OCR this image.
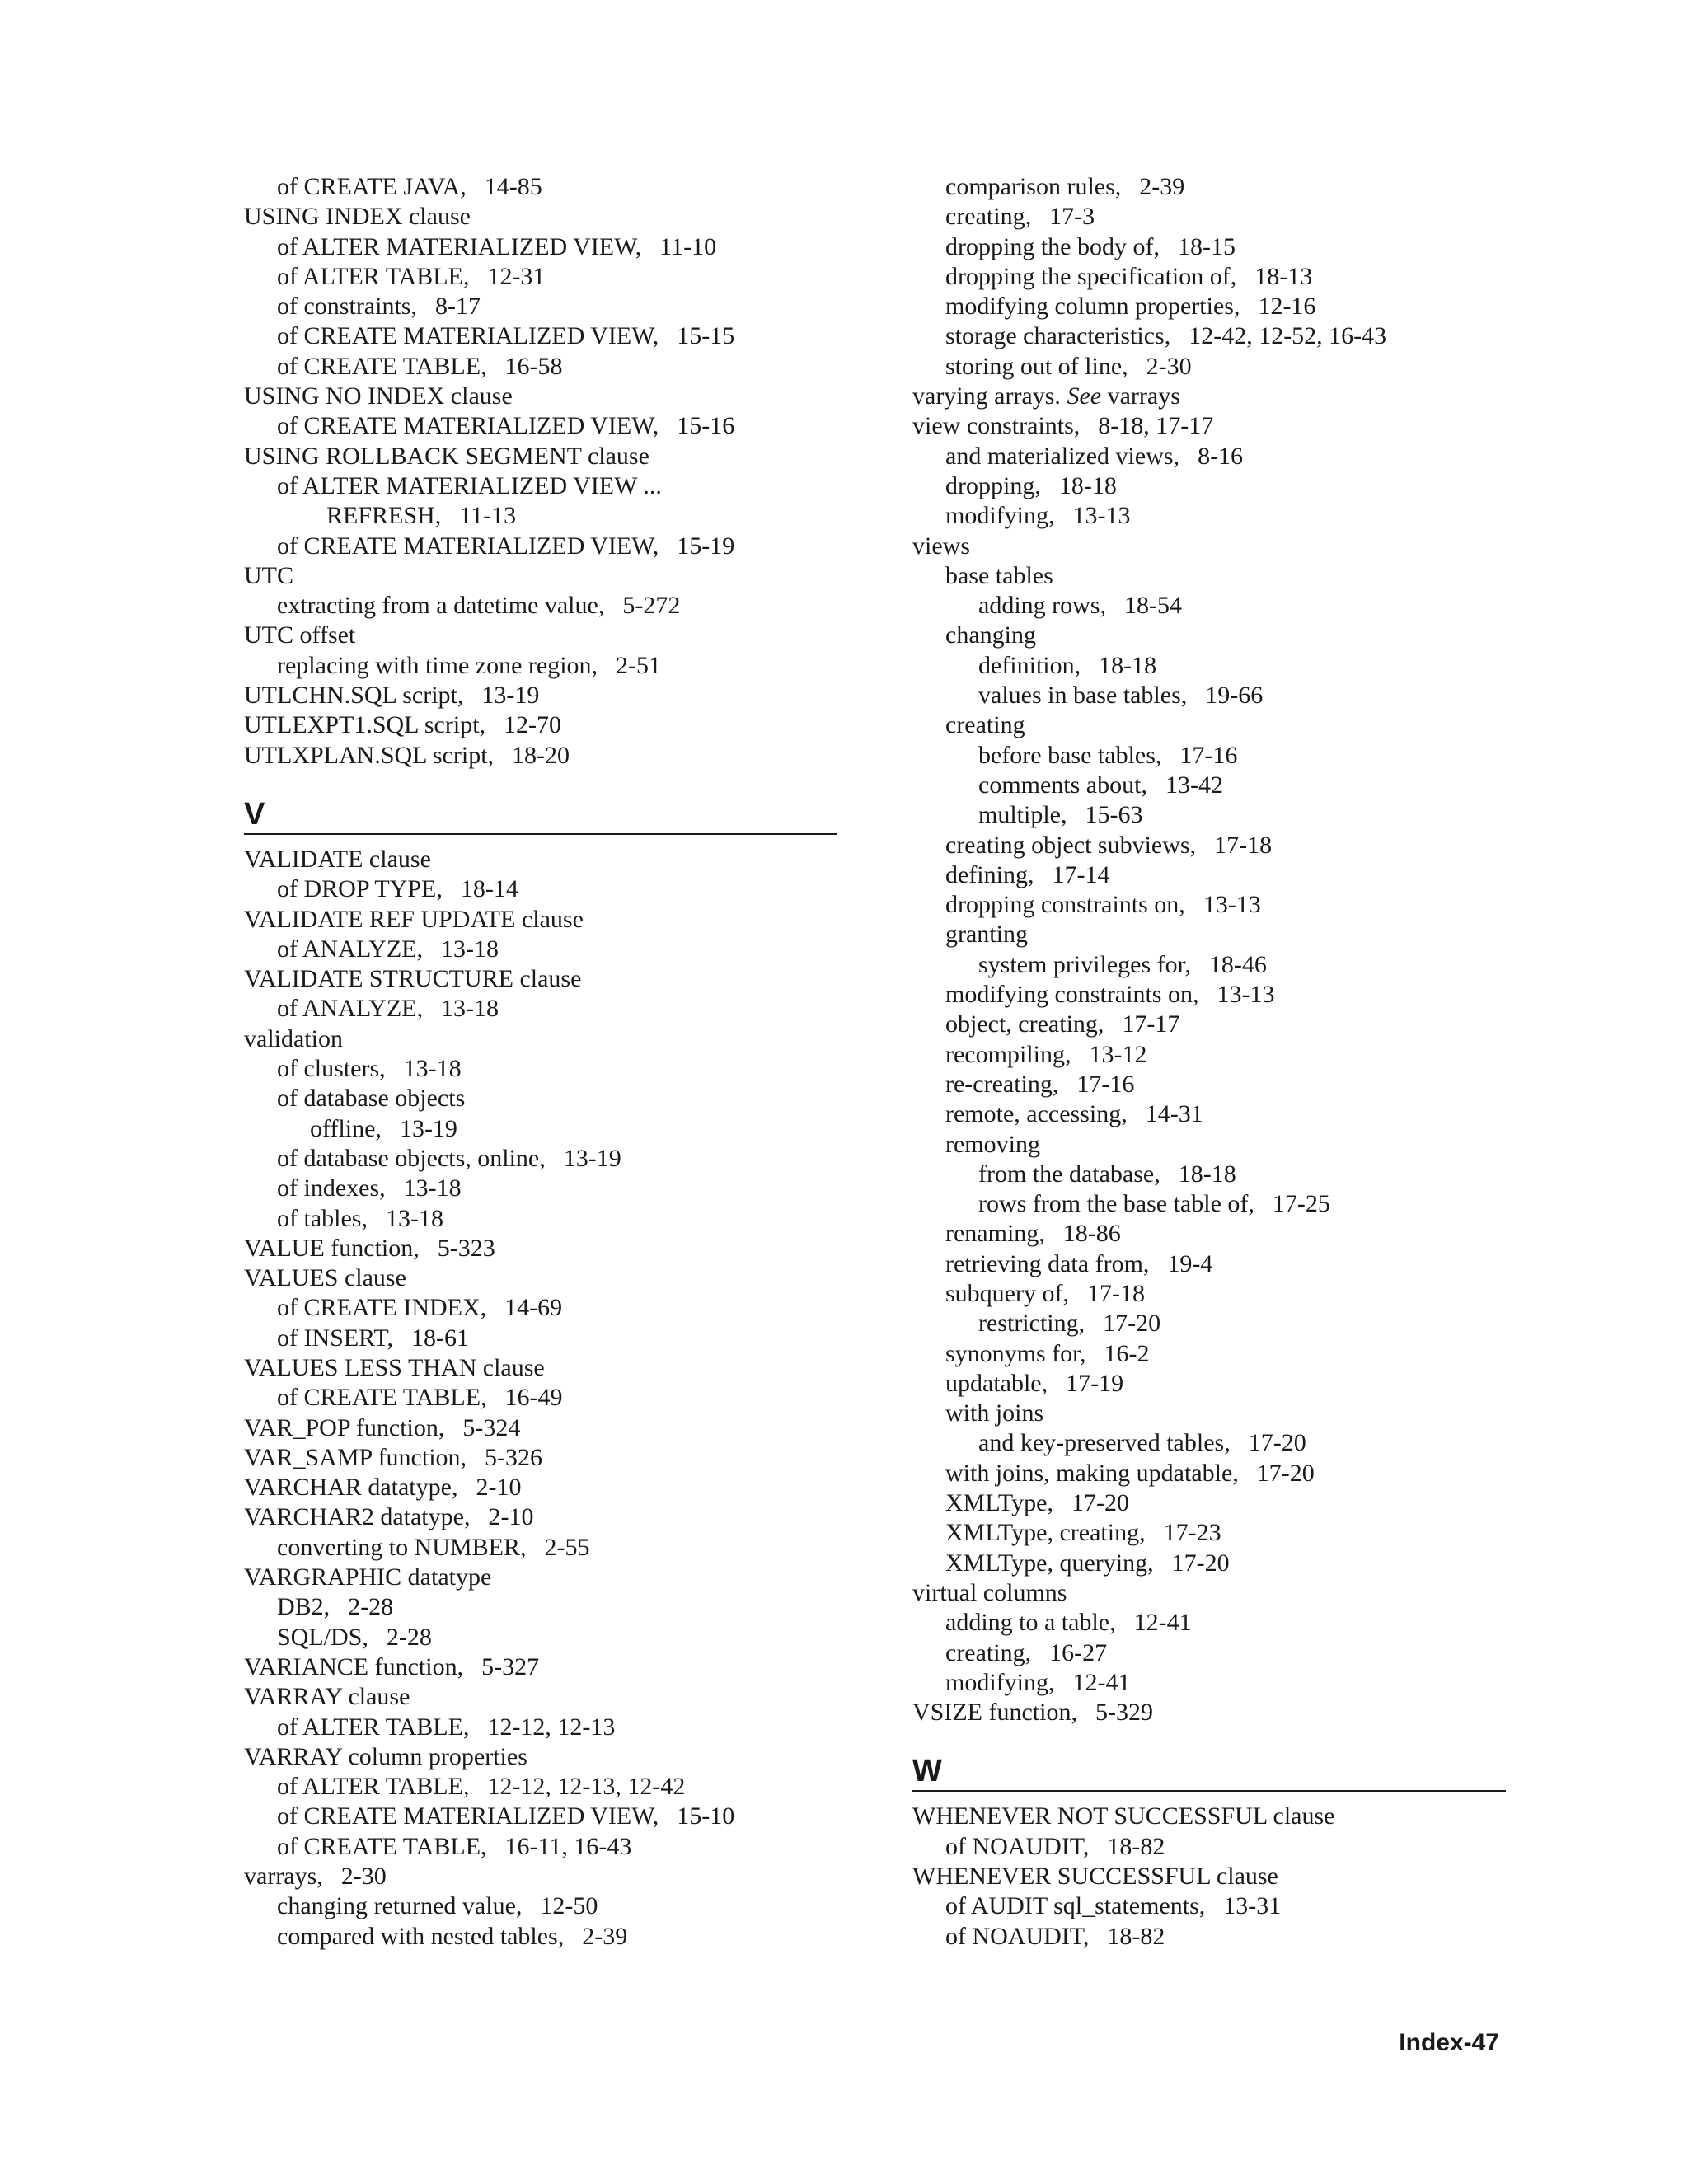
of CREATE JAVA, 14-85
USING INDEX clause
of ALTER MATERIALIZED VIEW, 11-10
of ALTER TABLE, 12-31
of constraints, 8-17
of CREATE MATERIALIZED VIEW, 15-15
of CREATE TABLE, 16-58
USING NO INDEX clause
of CREATE MATERIALIZED VIEW, 15-16
USING ROLLBACK SEGMENT clause
of ALTER MATERIALIZED VIEW ...
REFRESH, 11-13
of CREATE MATERIALIZED VIEW, 15-19
UTC
extracting from a datetime value, 5-272
UTC offset
replacing with time zone region, 2-51
UTLCHN.SQL script, 13-19
UTLEXPT1.SQL script, 12-70
UTLXPLAN.SQL script, 18-20
V
VALIDATE clause
of DROP TYPE, 18-14
VALIDATE REF UPDATE clause
of ANALYZE, 13-18
VALIDATE STRUCTURE clause
of ANALYZE, 13-18
validation
of clusters, 13-18
of database objects
offline, 13-19
of database objects, online, 13-19
of indexes, 13-18
of tables, 13-18
VALUE function, 5-323
VALUES clause
of CREATE INDEX, 14-69
of INSERT, 18-61
VALUES LESS THAN clause
of CREATE TABLE, 16-49
VAR_POP function, 5-324
VAR_SAMP function, 5-326
VARCHAR datatype, 2-10
VARCHAR2 datatype, 2-10
converting to NUMBER, 2-55
VARGRAPHIC datatype
DB2, 2-28
SQL/DS, 2-28
VARIANCE function, 5-327
VARRAY clause
of ALTER TABLE, 12-12, 12-13
VARRAY column properties
of ALTER TABLE, 12-12, 12-13, 12-42
of CREATE MATERIALIZED VIEW, 15-10
of CREATE TABLE, 16-11, 16-43
varrays, 2-30
changing returned value, 12-50
compared with nested tables, 2-39
comparison rules, 2-39
creating, 17-3
dropping the body of, 18-15
dropping the specification of, 18-13
modifying column properties, 12-16
storage characteristics, 12-42, 12-52, 16-43
storing out of line, 2-30
varying arrays. See varrays
view constraints, 8-18, 17-17
and materialized views, 8-16
dropping, 18-18
modifying, 13-13
views
base tables
adding rows, 18-54
changing
definition, 18-18
values in base tables, 19-66
creating
before base tables, 17-16
comments about, 13-42
multiple, 15-63
creating object subviews, 17-18
defining, 17-14
dropping constraints on, 13-13
granting
system privileges for, 18-46
modifying constraints on, 13-13
object, creating, 17-17
recompiling, 13-12
re-creating, 17-16
remote, accessing, 14-31
removing
from the database, 18-18
rows from the base table of, 17-25
renaming, 18-86
retrieving data from, 19-4
subquery of, 17-18
restricting, 17-20
synonyms for, 16-2
updatable, 17-19
with joins
and key-preserved tables, 17-20
with joins, making updatable, 17-20
XMLType, 17-20
XMLType, creating, 17-23
XMLType, querying, 17-20
virtual columns
adding to a table, 12-41
creating, 16-27
modifying, 12-41
VSIZE function, 5-329
W
WHENEVER NOT SUCCESSFUL clause
of NOAUDIT, 18-82
WHENEVER SUCCESSFUL clause
of AUDIT sql_statements, 13-31
of NOAUDIT, 18-82
Index-47
